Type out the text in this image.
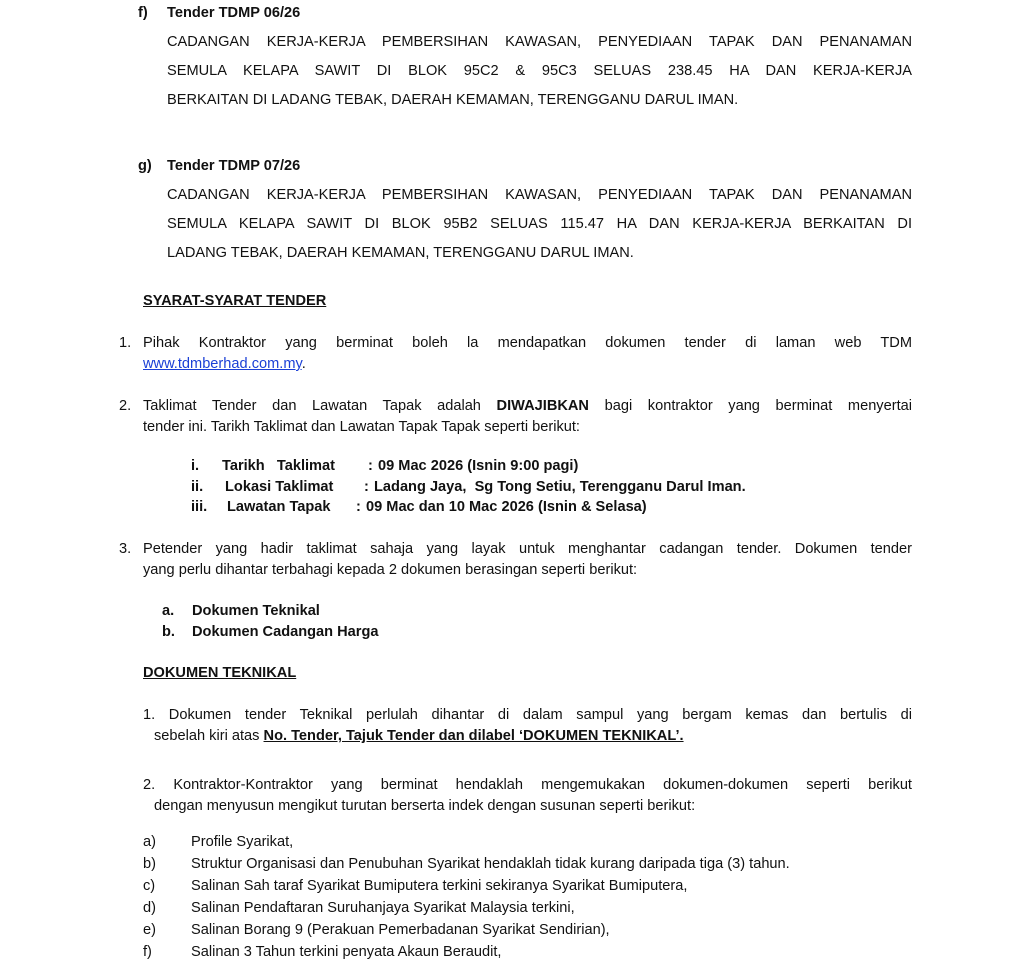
f) Tender TDMP 06/26
CADANGAN KERJA-KERJA PEMBERSIHAN KAWASAN, PENYEDIAAN TAPAK DAN PENANAMAN
SEMULA KELAPA SAWIT DI BLOK 95C2 & 95C3 SELUAS 238.45 HA DAN KERJA-KERJA
BERKAITAN DI LADANG TEBAK, DAERAH KEMAMAN, TERENGGANU DARUL IMAN.
g) Tender TDMP 07/26
CADANGAN KERJA-KERJA PEMBERSIHAN KAWASAN, PENYEDIAAN TAPAK DAN PENANAMAN
SEMULA KELAPA SAWIT DI BLOK 95B2 SELUAS 115.47 HA DAN KERJA-KERJA BERKAITAN DI
LADANG TEBAK, DAERAH KEMAMAN, TERENGGANU DARUL IMAN.
SYARAT-SYARAT TENDER
1. Pihak Kontraktor yang berminat boleh la mendapatkan dokumen tender di laman web TDM
www.tdmberhad.com.my.
2. Taklimat Tender dan Lawatan Tapak adalah DIWAJIBKAN bagi kontraktor yang berminat menyertai
tender ini. Tarikh Taklimat dan Lawatan Tapak Tapak seperti berikut:
i.	Tarikh   Taklimat	: 09 Mac 2026 (Isnin 9:00 pagi)
ii.	Lokasi Taklimat	: Ladang Jaya,  Sg Tong Setiu, Terengganu Darul Iman.
iii.	Lawatan Tapak	: 09 Mac dan 10 Mac 2026 (Isnin & Selasa)
3. Petender yang hadir taklimat sahaja yang layak untuk menghantar cadangan tender. Dokumen tender
yang perlu dihantar terbahagi kepada 2 dokumen berasingan seperti berikut:
a.	Dokumen Teknikal
b.	Dokumen Cadangan Harga
DOKUMEN TEKNIKAL
1. Dokumen tender Teknikal perlulah dihantar di dalam sampul yang bergam kemas dan bertulis di
sebelah kiri atas No. Tender, Tajuk Tender dan dilabel ‘DOKUMEN TEKNIKAL’.
2. Kontraktor-Kontraktor yang berminat hendaklah mengemukakan dokumen-dokumen seperti berikut
dengan menyusun mengikut turutan berserta indek dengan susunan seperti berikut:
a)	Profile Syarikat,
b)	Struktur Organisasi dan Penubuhan Syarikat hendaklah tidak kurang daripada tiga (3) tahun.
c)	Salinan Sah taraf Syarikat Bumiputera terkini sekiranya Syarikat Bumiputera,
d)	Salinan Pendaftaran Suruhanjaya Syarikat Malaysia terkini,
e)	Salinan Borang 9 (Perakuan Pemerbadanan Syarikat Sendirian),
f)	Salinan 3 Tahun terkini penyata Akaun Beraudit,
